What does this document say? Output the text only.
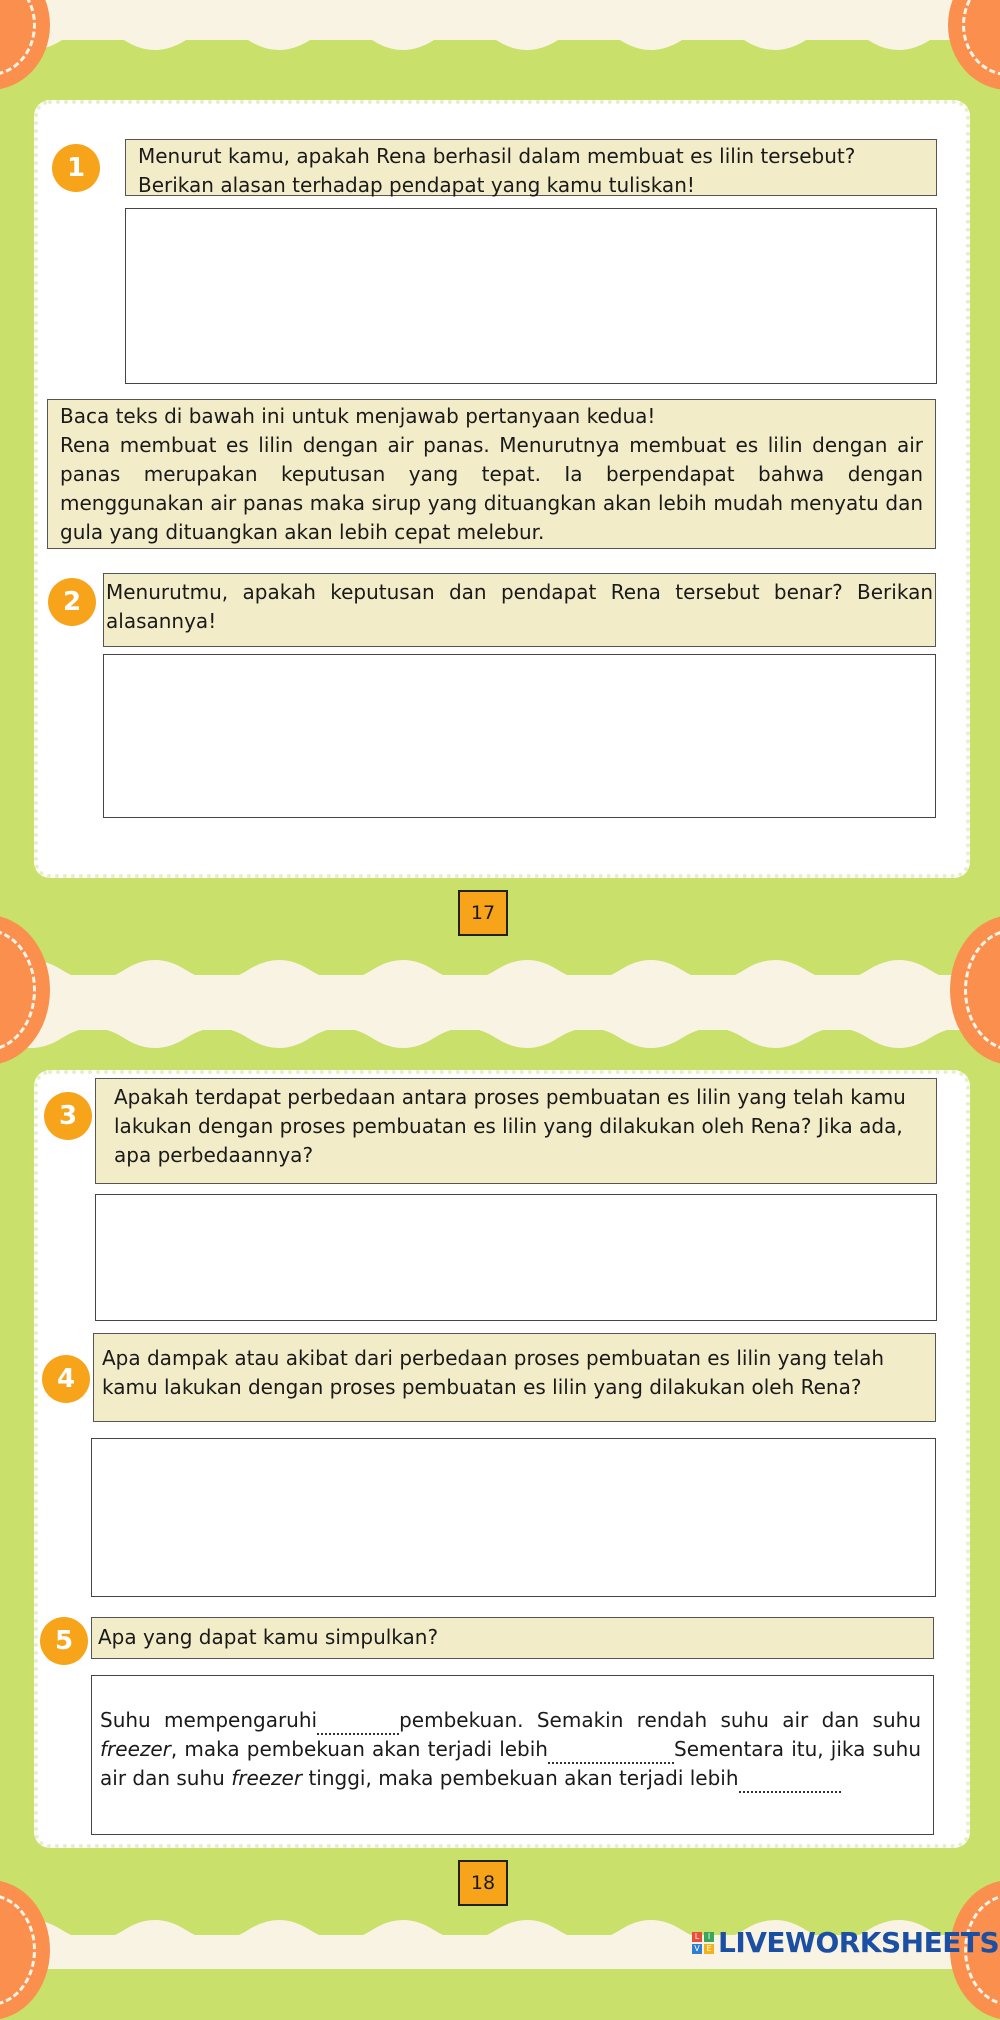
1	Menurut kamu, apakah Rena berhasil dalam membuat es lilin tersebut? Berikan alasan terhadap pendapat yang kamu tuliskan!
Baca teks di bawah ini untuk menjawab pertanyaan kedua!
Rena membuat es lilin dengan air panas. Menurutnya membuat es lilin dengan air panas merupakan keputusan yang tepat. Ia berpendapat bahwa dengan menggunakan air panas maka sirup yang dituangkan akan lebih mudah menyatu dan gula yang dituangkan akan lebih cepat melebur.
2	Menurutmu, apakah keputusan dan pendapat Rena tersebut benar? Berikan alasannya!
17
3
Apakah terdapat perbedaan antara proses pembuatan es lilin yang telah kamu lakukan dengan proses pembuatan es lilin yang dilakukan oleh Rena? Jika ada, apa perbedaannya?
4
Apa dampak atau akibat dari perbedaan proses pembuatan es lilin yang telah kamu lakukan dengan proses pembuatan es lilin yang dilakukan oleh Rena?
5	Apa yang dapat kamu simpulkan?
Suhu mempengaruhi	pembekuan. Semakin rendah suhu air dan suhu freezer, maka pembekuan akan terjadi lebih	Sementara itu, jika suhu air dan suhu freezer tinggi, maka pembekuan akan terjadi lebih
18
L	I
V E LIVEWORKSHEETS
